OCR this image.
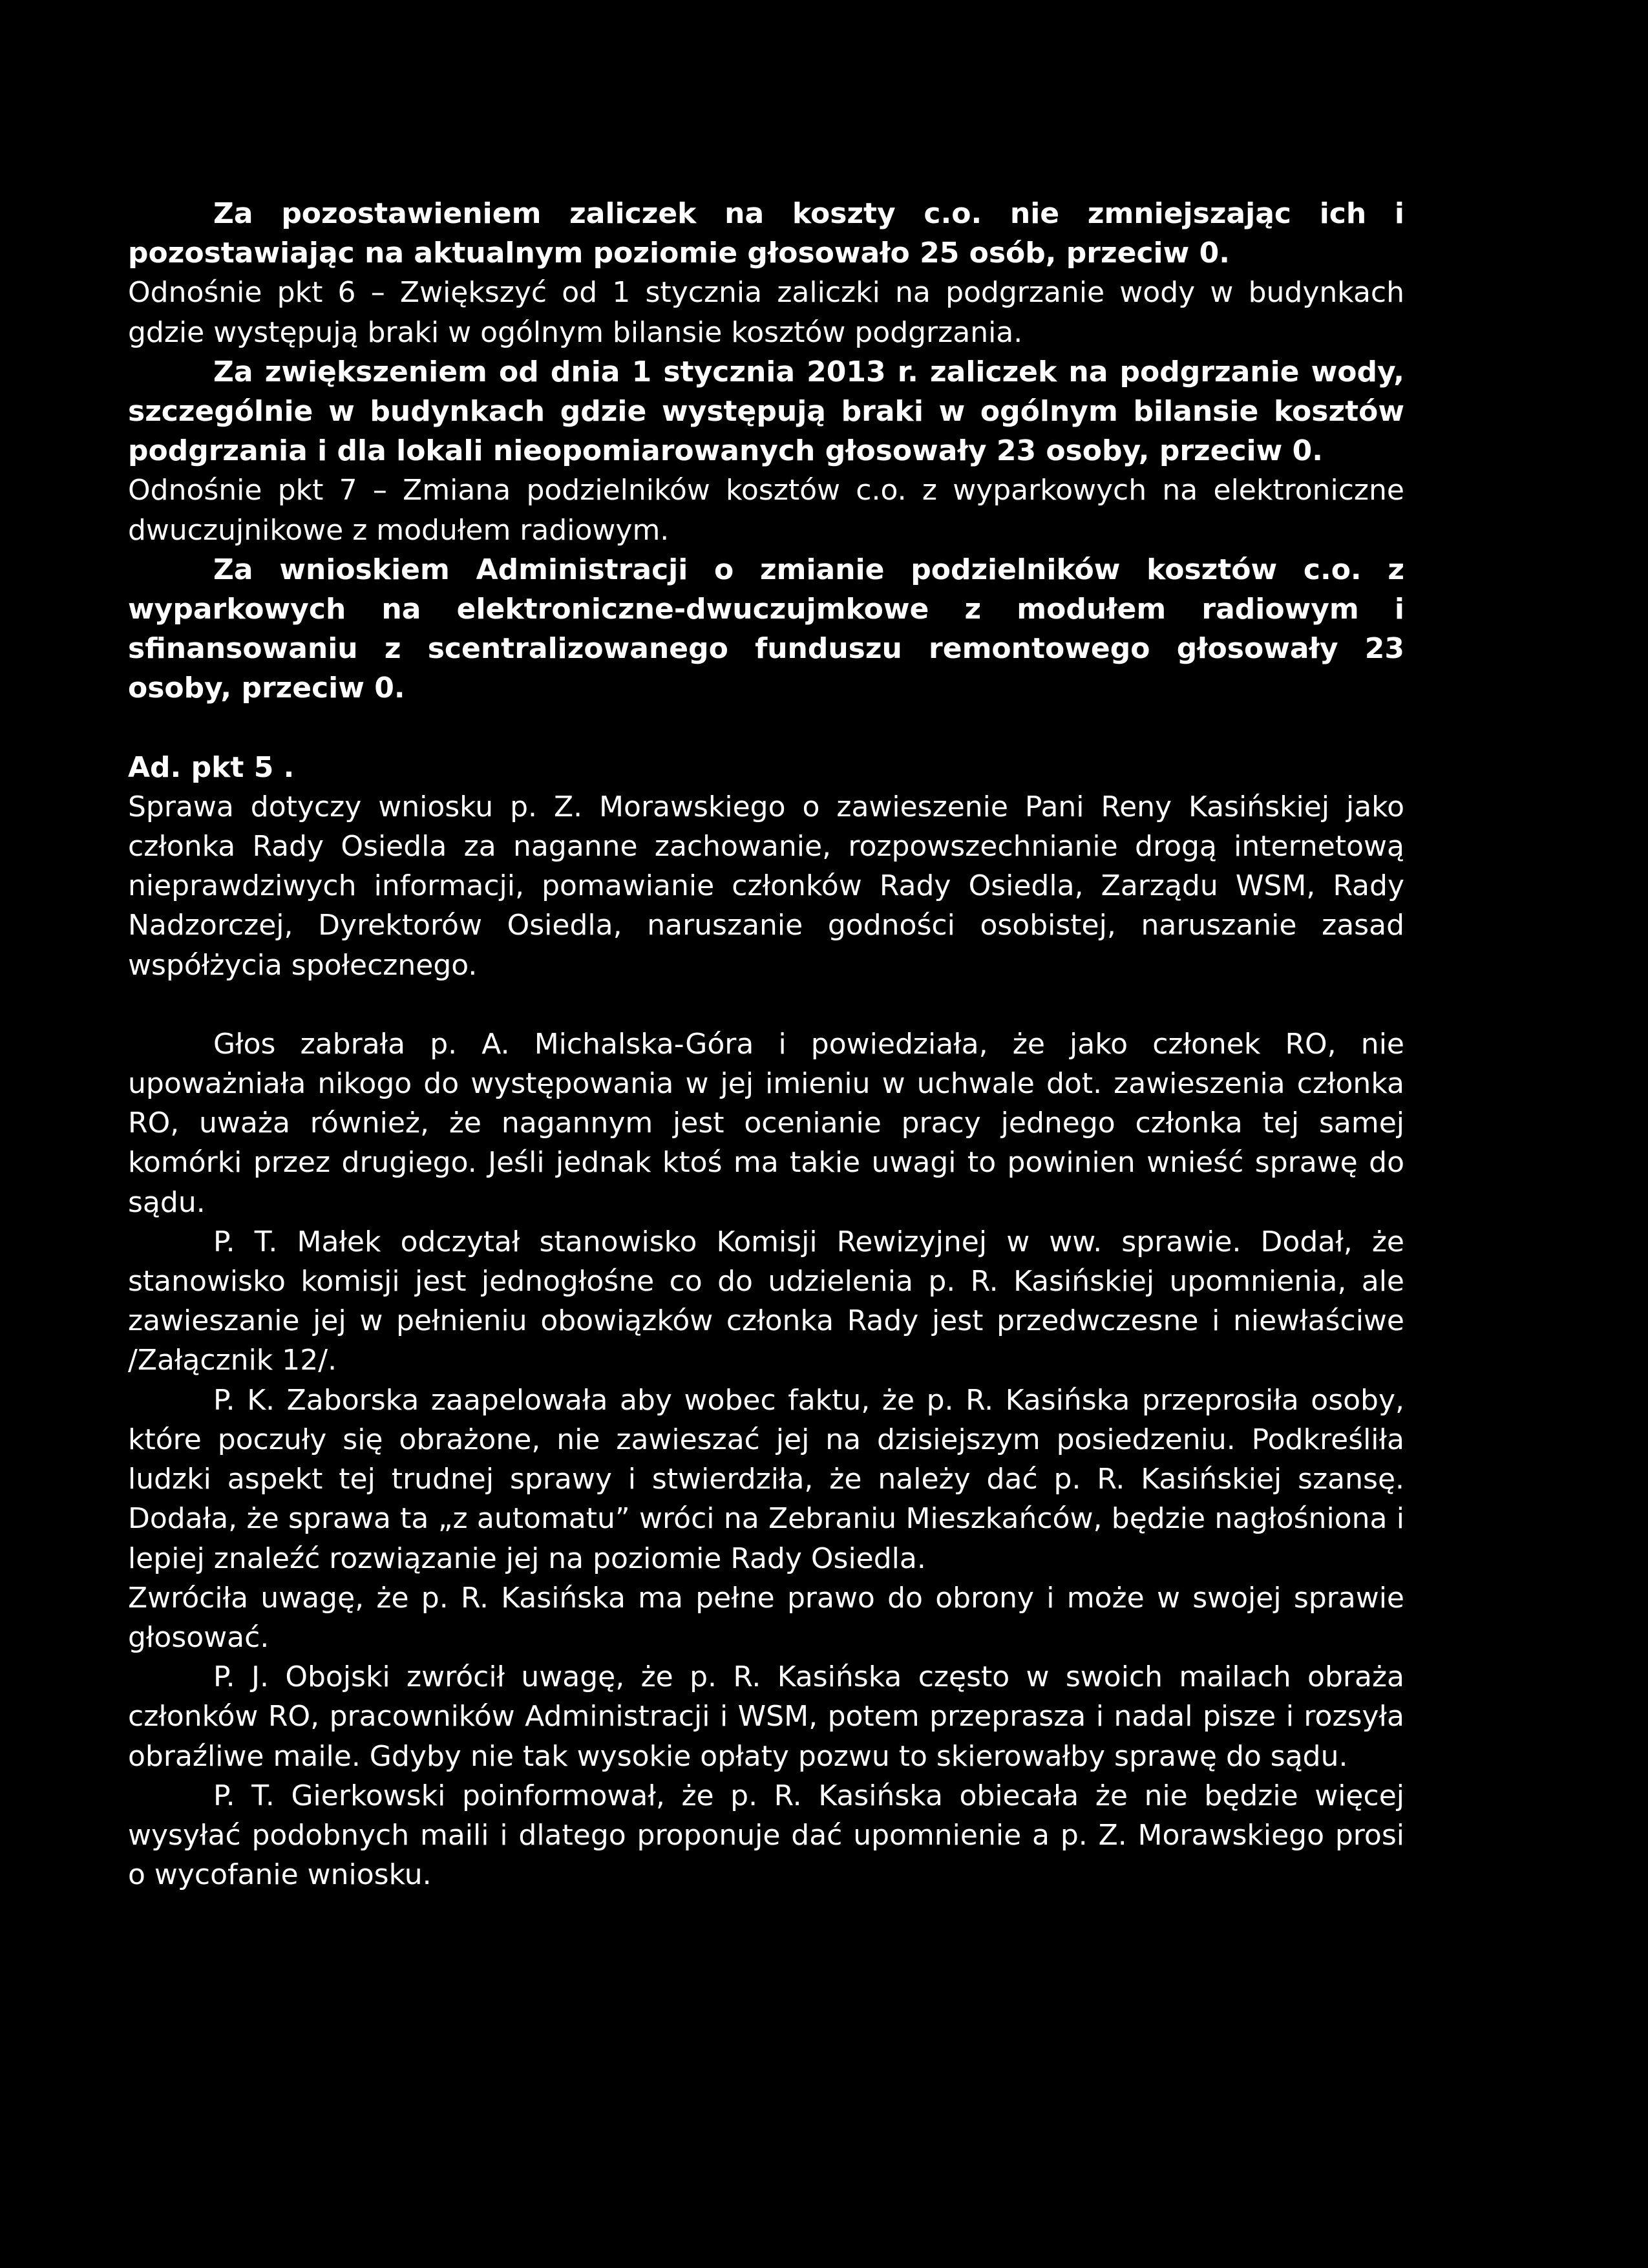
Za pozostawieniem zaliczek na koszty c.o. nie zmniejszając ich i pozostawiając na aktualnym poziomie głosowało 25 osób, przeciw 0.

Odnośnie pkt 6 – Zwiększyć od 1 stycznia zaliczki na podgrzanie wody w budynkach gdzie występują braki w ogólnym bilansie kosztów podgrzania.

Za zwiększeniem od dnia 1 stycznia 2013 r. zaliczek na podgrzanie wody, szczególnie w budynkach gdzie występują braki w ogólnym bilansie kosztów podgrzania i dla lokali nieopomiarowanych głosowały 23 osoby, przeciw 0.

Odnośnie pkt 7 – Zmiana podzielników kosztów c.o. z wyparkowych na elektroniczne dwuczujnikowe z modułem radiowym.

Za wnioskiem Administracji o zmianie podzielników kosztów c.o. z wyparkowych na elektroniczne-dwuczujmkowe z modułem radiowym i sfinansowaniu z scentralizowanego funduszu remontowego głosowały 23 osoby, przeciw 0.

Ad. pkt 5 .

Sprawa dotyczy wniosku p. Z. Morawskiego o zawieszenie Pani Reny Kasińskiej jako członka Rady Osiedla za naganne zachowanie, rozpowszechnianie drogą internetową nieprawdziwych informacji, pomawianie członków Rady Osiedla, Zarządu WSM, Rady Nadzorczej, Dyrektorów Osiedla, naruszanie godności osobistej, naruszanie zasad współżycia społecznego.

Głos zabrała p. A. Michalska-Góra i powiedziała, że jako członek RO, nie upoważniała nikogo do występowania w jej imieniu w uchwale dot. zawieszenia członka RO, uważa również, że nagannym jest ocenianie pracy jednego członka tej samej komórki przez drugiego. Jeśli jednak ktoś ma takie uwagi to powinien wnieść sprawę do sądu.

P. T. Małek odczytał stanowisko Komisji Rewizyjnej w ww. sprawie. Dodał, że stanowisko komisji jest jednogłośne co do udzielenia p. R. Kasińskiej upomnienia, ale zawieszanie jej w pełnieniu obowiązków członka Rady jest przedwczesne i niewłaściwe /Załącznik 12/.

P. K. Zaborska zaapelowała aby wobec faktu, że p. R. Kasińska przeprosiła osoby, które poczuły się obrażone, nie zawieszać jej na dzisiejszym posiedzeniu. Podkreśliła ludzki aspekt tej trudnej sprawy i stwierdziła, że należy dać p. R. Kasińskiej szansę. Dodała, że sprawa ta „z automatu” wróci na Zebraniu Mieszkańców, będzie nagłośniona i lepiej znaleźć rozwiązanie jej na poziomie Rady Osiedla.

Zwróciła uwagę, że p. R. Kasińska ma pełne prawo do obrony i może w swojej sprawie głosować.

P. J. Obojski zwrócił uwagę, że p. R. Kasińska często w swoich mailach obraża członków RO, pracowników Administracji i WSM, potem przeprasza i nadal pisze i rozsyła obraźliwe maile. Gdyby nie tak wysokie opłaty pozwu to skierowałby sprawę do sądu.

P. T. Gierkowski poinformował, że p. R. Kasińska obiecała że nie będzie więcej wysyłać podobnych maili i dlatego proponuje dać upomnienie a p. Z. Morawskiego prosi o wycofanie wniosku.
